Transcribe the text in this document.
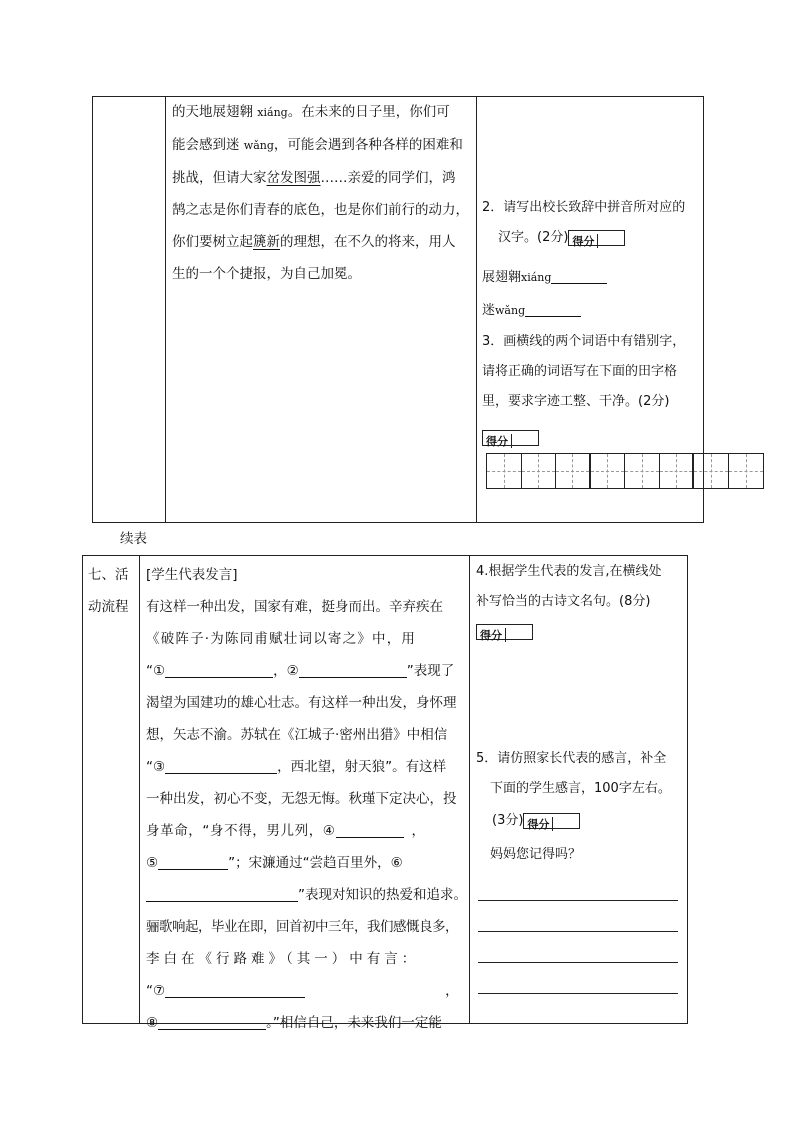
的天地展翅翱 xiáng。在未来的日子里，你们可
能会感到迷 wǎng，可能会遇到各种各样的困难和
挑战，但请大家岔发图强……亲爱的同学们，鸿
鹄之志是你们青春的底色，也是你们前行的动力，
你们要树立起篪新的理想，在不久的将来，用人
生的一个个捷报，为自己加冕。
2．请写出校长致辞中拼音所对应的
汉字。(2分) 得分
展翅翱xiáng
迷wǎng
3．画横线的两个词语中有错别字，
请将正确的词语写在下面的田字格
里，要求字迹工整、干净。(2分)
得分
续表
七、活
动流程
[学生代表发言]
有这样一种出发，国家有难，挺身而出。辛弃疾在
《破阵子·为陈同甫赋壮词以寄之》中，用
“①	，②	”表现了
渴望为国建功的雄心壮志。有这样一种出发，身怀理
想，矢志不渝。苏轼在《江城子·密州出猎》中相信
“③	，西北望，射天狼”。有这样
一种出发，初心不变，无怨无悔。秋瑾下定决心，投
身革命，“身不得，男儿列，④	，
⑤	”；宋濂通过“尝趋百里外，⑥
”表现对知识的热爱和追求。
骊歌响起，毕业在即，回首初中三年，我们感慨良多，
李白在《行路难》（其一）中有言：
“⑦	，
⑧	。”相信自己，未来我们一定能
4.根据学生代表的发言,在横线处
补写恰当的古诗文名句。(8分)
得分
5．请仿照家长代表的感言，补全
下面的学生感言，100字左右。
(3分) 得分
妈妈您记得吗？
